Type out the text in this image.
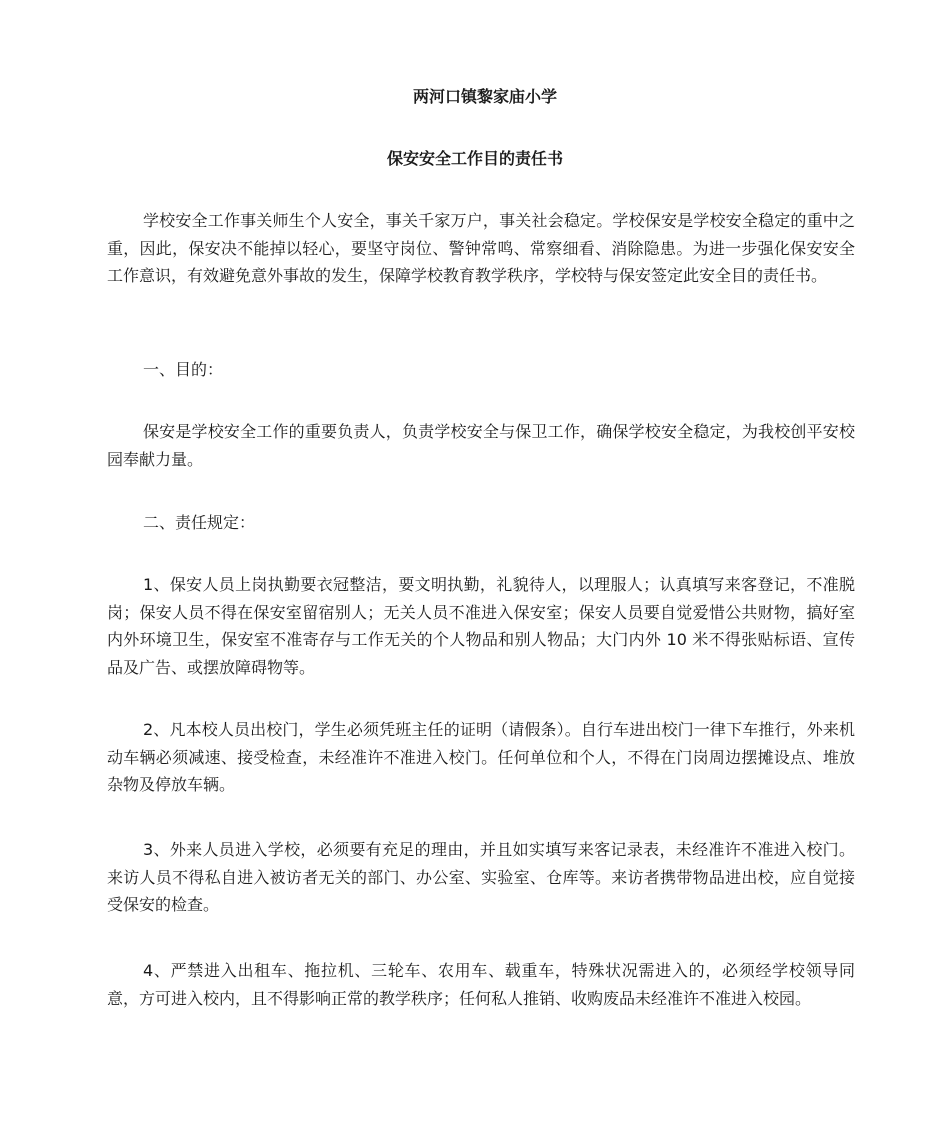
两河口镇黎家庙小学
保安安全工作目的责任书

学校安全工作事关师生个人安全，事关千家万户，事关社会稳定。学校保安是学校安全稳定的重中之重，因此，保安决不能掉以轻心，要坚守岗位、警钟常鸣、常察细看、消除隐患。为进一步强化保安安全工作意识，有效避免意外事故的发生，保障学校教育教学秩序，学校特与保安签定此安全目的责任书。

一、目的：

保安是学校安全工作的重要负责人，负责学校安全与保卫工作，确保学校安全稳定，为我校创平安校园奉献力量。

二、责任规定：

1、保安人员上岗执勤要衣冠整洁，要文明执勤，礼貌待人，以理服人；认真填写来客登记，不准脱岗；保安人员不得在保安室留宿别人；无关人员不准进入保安室；保安人员要自觉爱惜公共财物，搞好室内外环境卫生，保安室不准寄存与工作无关的个人物品和别人物品；大门内外 10 米不得张贴标语、宣传品及广告、或摆放障碍物等。

2、凡本校人员出校门，学生必须凭班主任的证明（请假条）。自行车进出校门一律下车推行，外来机动车辆必须减速、接受检查，未经准许不准进入校门。任何单位和个人，不得在门岗周边摆摊设点、堆放杂物及停放车辆。

3、外来人员进入学校，必须要有充足的理由，并且如实填写来客记录表，未经准许不准进入校门。来访人员不得私自进入被访者无关的部门、办公室、实验室、仓库等。来访者携带物品进出校，应自觉接受保安的检查。

4、严禁进入出租车、拖拉机、三轮车、农用车、载重车，特殊状况需进入的，必须经学校领导同意，方可进入校内，且不得影响正常的教学秩序；任何私人推销、收购废品未经准许不准进入校园。
